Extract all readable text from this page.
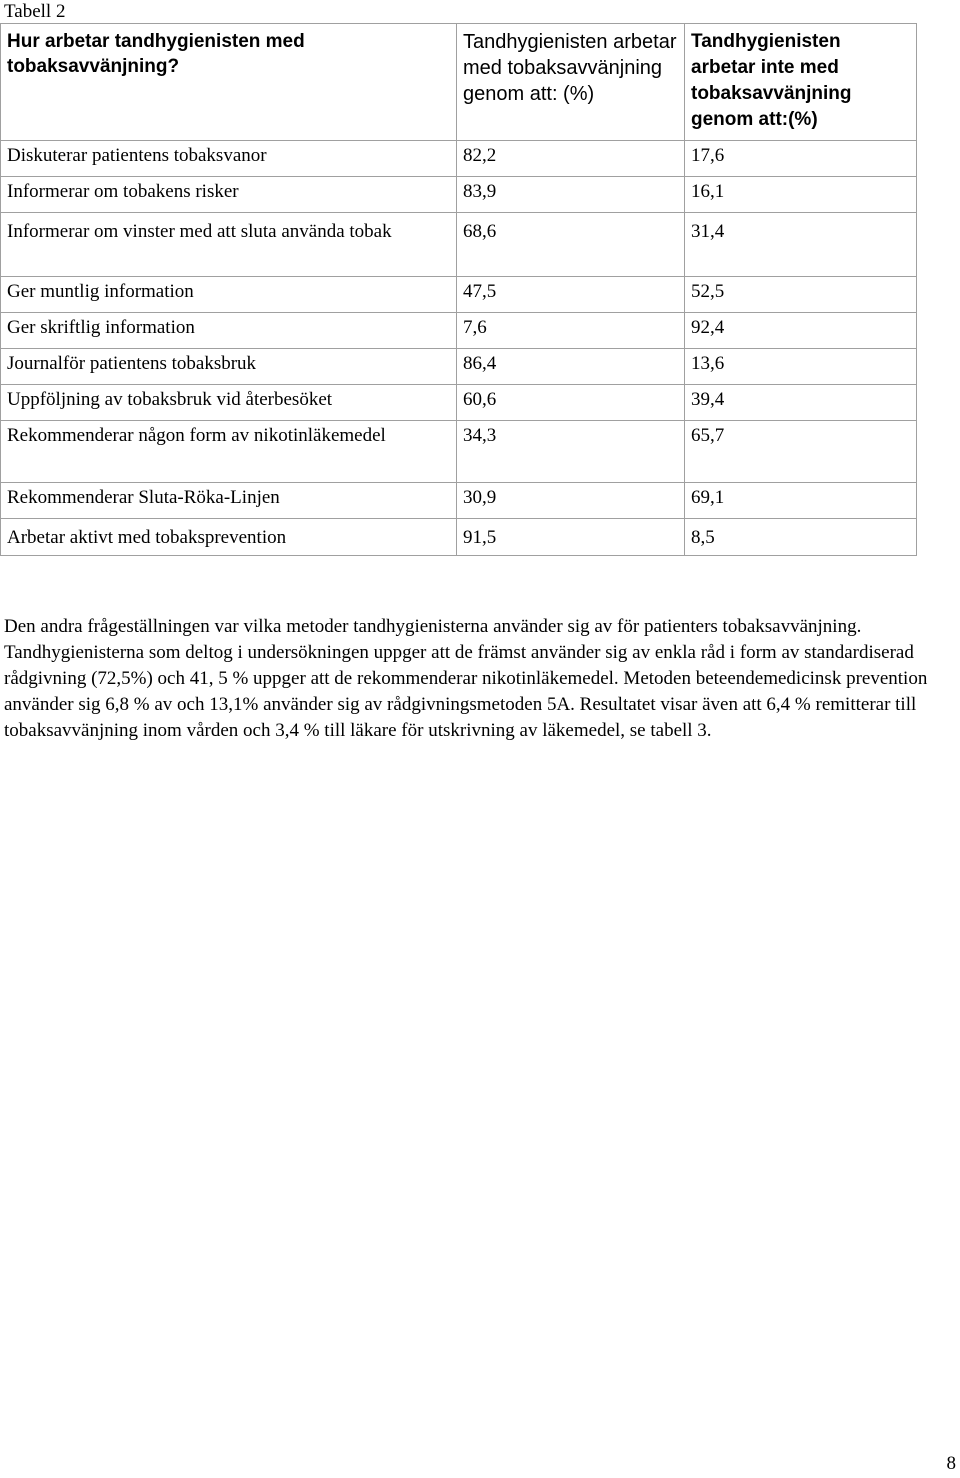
Tabell 2
Hur arbetar tandhygienisten med tobaksavvänjning?	Tandhygienisten arbetar med tobaksavvänjning genom att: (%)	Tandhygienisten arbetar inte med tobaksavvänjning genom att:(%)
Diskuterar patientens tobaksvanor	82,2	17,6
Informerar om tobakens risker	83,9	16,1
Informerar om vinster med att sluta använda tobak	68,6	31,4
Ger muntlig information	47,5	52,5
Ger skriftlig information	7,6	92,4
Journalför patientens tobaksbruk	86,4	13,6
Uppföljning av tobaksbruk vid återbesöket	60,6	39,4
Rekommenderar någon form av nikotinläkemedel	34,3	65,7
Rekommenderar Sluta-Röka-Linjen	30,9	69,1
Arbetar aktivt med tobaksprevention	91,5	8,5

Den andra frågeställningen var vilka metoder tandhygienisterna använder sig av för patienters tobaksavvänjning. Tandhygienisterna som deltog i undersökningen uppger att de främst använder sig av enkla råd i form av standardiserad rådgivning (72,5%) och 41, 5 % uppger att de rekommenderar nikotinläkemedel. Metoden beteendemedicinsk prevention använder sig 6,8 % av och 13,1% använder sig av rådgivningsmetoden 5A. Resultatet visar även att 6,4 % remitterar till tobaksavvänjning inom vården och 3,4 % till läkare för utskrivning av läkemedel, se tabell 3.

8
